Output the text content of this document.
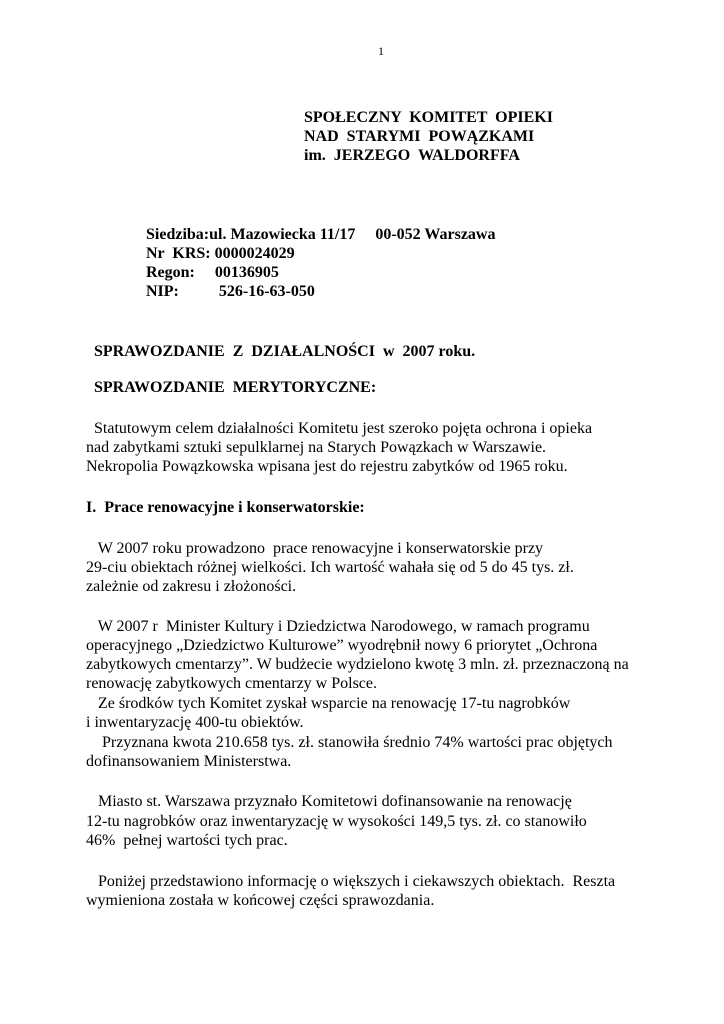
1
SPOŁECZNY  KOMITET  OPIEKI
NAD  STARYMI  POWĄZKAMI
im.  JERZEGO  WALDORFFA
Siedziba:ul. Mazowiecka 11/17     00-052 Warszawa
Nr  KRS: 0000024029
Regon:     00136905
NIP:          526-16-63-050
SPRAWOZDANIE  Z  DZIAŁALNOŚCI  w  2007 roku.
SPRAWOZDANIE  MERYTORYCZNE:
Statutowym celem działalności Komitetu jest szeroko pojęta ochrona i opieka
nad zabytkami sztuki sepulklarnej na Starych Powązkach w Warszawie.
Nekropolia Powązkowska wpisana jest do rejestru zabytków od 1965 roku.
I.  Prace renowacyjne i konserwatorskie:
W 2007 roku prowadzono  prace renowacyjne i konserwatorskie przy
29-ciu obiektach różnej wielkości. Ich wartość wahała się od 5 do 45 tys. zł.
zależnie od zakresu i złożoności.
W 2007 r  Minister Kultury i Dziedzictwa Narodowego, w ramach programu
operacyjnego „Dziedzictwo Kulturowe” wyodrębnił nowy 6 priorytet „Ochrona
zabytkowych cmentarzy”. W budżecie wydzielono kwotę 3 mln. zł. przeznaczoną na
renowację zabytkowych cmentarzy w Polsce.
Ze środków tych Komitet zyskał wsparcie na renowację 17-tu nagrobków
i inwentaryzację 400-tu obiektów.
Przyznana kwota 210.658 tys. zł. stanowiła średnio 74% wartości prac objętych
dofinansowaniem Ministerstwa.
Miasto st. Warszawa przyznało Komitetowi dofinansowanie na renowację
12-tu nagrobków oraz inwentaryzację w wysokości 149,5 tys. zł. co stanowiło
46%  pełnej wartości tych prac.
Poniżej przedstawiono informację o większych i ciekawszych obiektach.  Reszta
wymieniona została w końcowej części sprawozdania.
